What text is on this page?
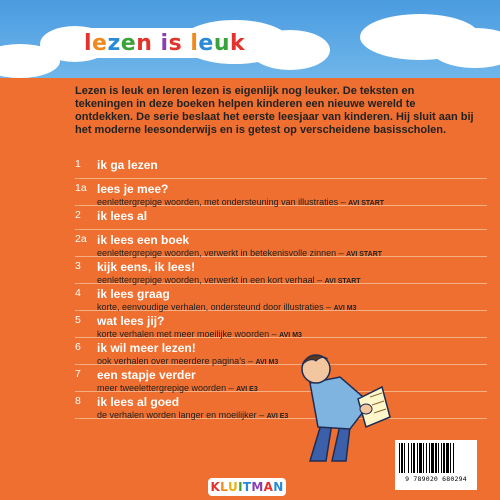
l e z e n
i s
l e u k
Lezen is leuk en leren lezen is eigenlijk nog leuker. De teksten en tekeningen in deze boeken helpen kinderen een nieuwe wereld te ontdekken. De serie beslaat het eerste leesjaar van kinderen. Hij sluit aan bij het moderne leesonderwijs en is getest op verscheidene basisscholen.
1 ik ga lezen
1a lees je mee?
eenlettergrepige woorden, met ondersteuning van illustraties – AVI START
2 ik lees al
2a ik lees een boek
eenlettergrepige woorden, verwerkt in betekenisvolle zinnen – AVI START
3 kijk eens, ik lees!
eenlettergrepige woorden, verwerkt in een kort verhaal – AVI START
4 ik lees graag
korte, eenvoudige verhalen, ondersteund door illustraties – AVI M3
5 wat lees jij?
korte verhalen met meer moeilijke woorden – AVI M3
6 ik wil meer lezen!
ook verhalen over meerdere pagina’s – AVI M3
7 een stapje verder
meer tweelettergrepige woorden – AVI E3
8 ik lees al goed
de verhalen worden langer en moeilijker – AVI E3
9 789020 680294
K L U I T M A N
